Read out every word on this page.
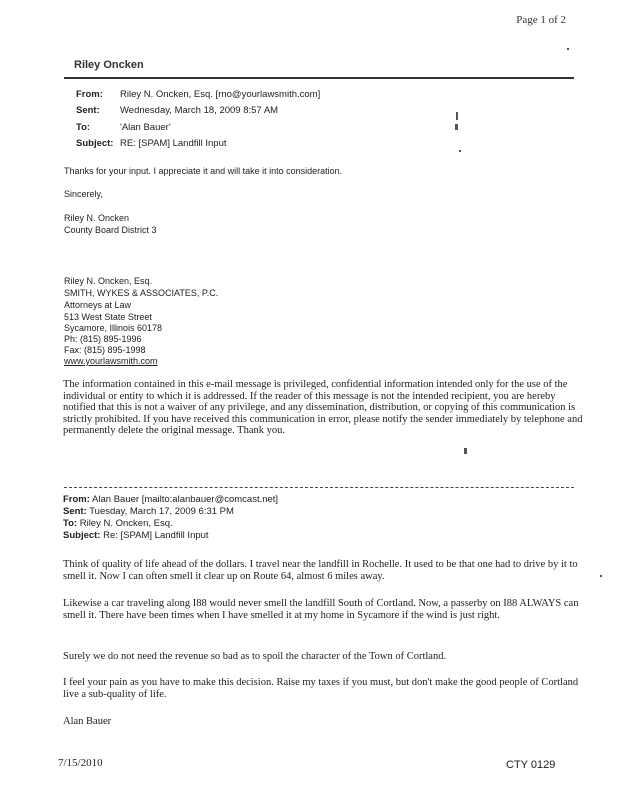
Page 1 of 2
Riley Oncken
From: Riley N. Oncken, Esq. [rno@yourlawsmith.com]
Sent: Wednesday, March 18, 2009 8:57 AM
To:	'Alan Bauer'
Subject: RE: [SPAM] Landfill Input
Thanks for your input. I appreciate it and will take it into consideration.
Sincerely,
Riley N. Oncken
County Board District 3
Riley N. Oncken, Esq.
SMITH, WYKES & ASSOCIATES, P.C.
Attorneys at Law
513 West State Street
Sycamore, Illinois 60178
Ph: (815) 895-1996
Fax: (815) 895-1998
www.yourlawsmith.com
The information contained in this e-mail message is privileged, confidential information intended only for the use of the individual or entity to which it is addressed. If the reader of this message is not the intended recipient, you are hereby notified that this is not a waiver of any privilege, and any dissemination, distribution, or copying of this communication is strictly prohibited. If you have received this communication in error, please notify the sender immediately by telephone and permanently delete the original message. Thank you.
From: Alan Bauer [mailto:alanbauer@comcast.net]
Sent: Tuesday, March 17, 2009 6:31 PM
To: Riley N. Oncken, Esq.
Subject: Re: [SPAM] Landfill Input
Think of quality of life ahead of the dollars. I travel near the landfill in Rochelle. It used to be that one had to drive by it to smell it. Now I can often smell it clear up on Route 64, almost 6 miles away.
Likewise a car traveling along I88 would never smell the landfill South of Cortland. Now, a passerby on I88 ALWAYS can smell it. There have been times when I have smelled it at my home in Sycamore if the wind is just right.
Surely we do not need the revenue so bad as to spoil the character of the Town of Cortland.
I feel your pain as you have to make this decision. Raise my taxes if you must, but don't make the good people of Cortland live a sub-quality of life.
Alan Bauer
7/15/2010	CTY 0129
